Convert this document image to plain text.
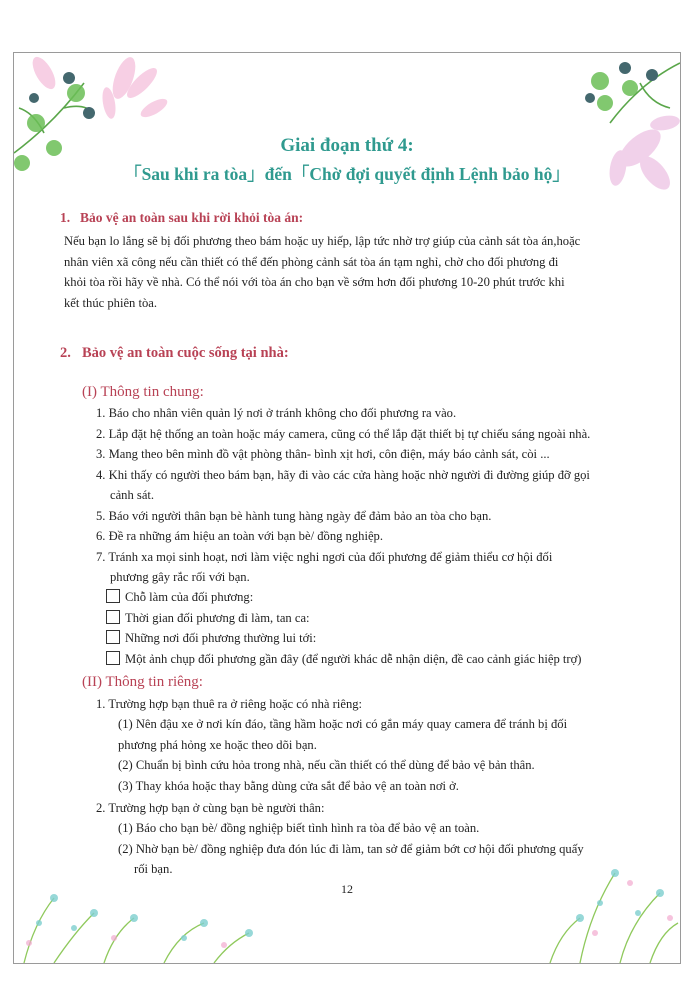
Giai đoạn thứ 4:
「Sau khi ra tòa」đến「Chờ đợi quyết định Lệnh bảo hộ」
1. Bảo vệ an toàn sau khi rời khỏi tòa án:
Nếu bạn lo lắng sẽ bị đối phương theo bám hoặc uy hiếp, lập tức nhờ trợ giúp của cảnh sát tòa án,hoặc
nhân viên xã công nếu cần thiết có thể đến phòng cảnh sát tòa án tạm nghỉ, chờ cho đối phương đi
khỏi tòa rồi hãy về nhà. Có thể nói với tòa án cho bạn về sớm hơn đối phương 10-20 phút trước khi
kết thúc phiên tòa.
2. Bảo vệ an toàn cuộc sống tại nhà:
(I) Thông tin chung:
1. Báo cho nhân viên quản lý nơi ở tránh không cho đối phương ra vào.
2. Lắp đặt hệ thống an toàn hoặc máy camera, cũng có thể lắp đặt thiết bị tự chiếu sáng ngoài nhà.
3. Mang theo bên mình đồ vật phòng thân- bình xịt hơi, côn điện, máy báo cảnh sát, còi ...
4. Khi thấy có người theo bám bạn, hãy đi vào các cửa hàng hoặc nhờ người đi đường giúp đỡ gọi
cảnh sát.
5. Báo với người thân bạn bè hành tung hàng ngày để đảm bảo an tòa cho bạn.
6. Đề ra những ám hiệu an toàn với bạn bè/ đồng nghiệp.
7. Tránh xa mọi sinh hoạt, nơi làm việc nghi ngơi của đối phương để giảm thiểu cơ hội đối
phương gây rắc rối với bạn.
Chỗ làm của đối phương:
Thời gian đối phương đi làm, tan ca:
Những nơi đối phương thường lui tới:
Một ảnh chụp đối phương gần đây (để người khác dễ nhận diện, đề cao cảnh giác hiệp trợ)
(II) Thông tin riêng:
1. Trường hợp bạn thuê ra ở riêng hoặc có nhà riêng:
(1) Nên đậu xe ở nơi kín đáo, tầng hầm hoặc nơi có gắn máy quay camera để tránh bị đối
phương phá hỏng xe hoặc theo dõi bạn.
(2) Chuẩn bị bình cứu hỏa trong nhà, nếu cần thiết có thể dùng để bảo vệ bản thân.
(3) Thay khóa hoặc thay bằng dùng cửa sắt để bảo vệ an toàn nơi ở.
2. Trường hợp bạn ở cùng bạn bè người thân:
(1) Báo cho bạn bè/ đồng nghiệp biết tình hình ra tòa để bảo vệ an toàn.
(2) Nhờ bạn bè/ đồng nghiệp đưa đón lúc đi làm, tan sở để giảm bớt cơ hội đối phương quấy
rối bạn.
12
